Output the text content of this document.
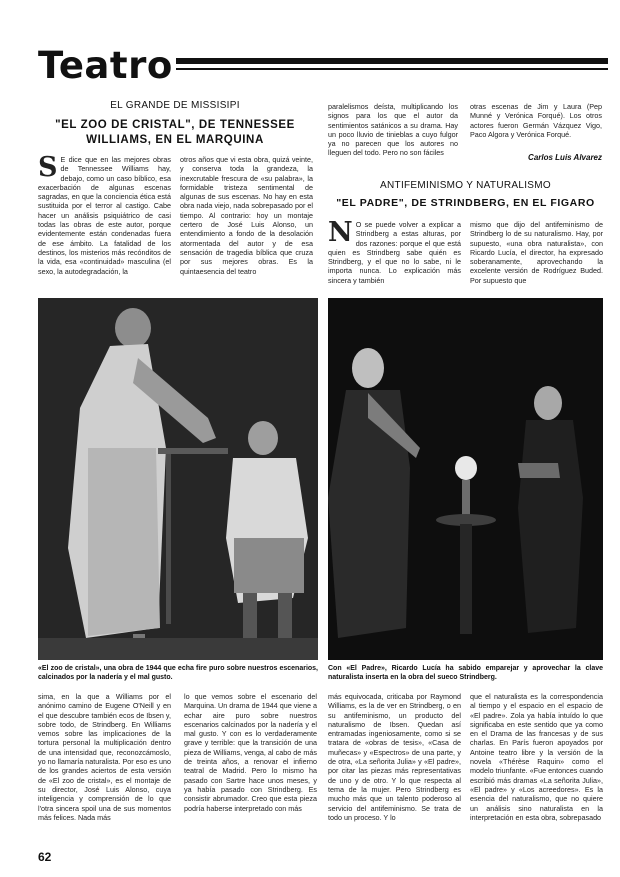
Teatro
EL GRANDE DE MISSISIPI
"EL ZOO DE CRISTAL", DE TENNESSEE WILLIAMS, EN EL MARQUINA
S E dice que en las mejores obras de Tennessee Williams hay, debajo, como un caso bíblico, esa exacerbación de algunas escenas sagradas, en que la conciencia ética está sustituida por el terror al castigo. Cabe hacer un análisis psiquiátrico de casi todas las obras de este autor, porque evidentemente están condenadas fuera de ese ámbito. La fatalidad de los destinos, los misterios más recónditos de la vida, esa «continuidad» masculina (el sexo, la autodegradación, la
otros años que vi esta obra, quizá veinte, y conserva toda la grandeza, la inexcrutable frescura de «su palabra», la formidable tristeza sentimental de algunas de sus escenas. No hay en esta obra nada viejo, nada sobrepasado por el tiempo. Al contrario: hoy un montaje certero de José Luis Alonso, un entendimiento a fondo de la desolación atormentada del autor y de esa sensación de tragedia bíblica que cruza por sus mejores obras. Es la quintaesencia del teatro
paralelismos deísta, multiplicando los signos para los que el autor da sentimientos satánicos a su drama. Hay un poco lluvio de tinieblas a cuyo fulgor ya no parecen que los autores no lleguen del todo. Pero no son fáciles
otras escenas de Jim y Laura (Pep Munné y Verónica Forqué). Los otros actores fueron Germán Vázquez Vigo, Paco Algora y Verónica Forqué.
Carlos Luis Alvarez
ANTIFEMINISMO Y NATURALISMO
"EL PADRE", DE STRINDBERG, EN EL FIGARO
N O se puede volver a explicar a Strindberg a estas alturas, por dos razones: porque el que está quien es Strindberg sabe quién es Strindberg, y el que no lo sabe, ni le importa nunca. Lo explicación más sincera y también
mismo que dijo del antifeminismo de Strindberg lo de su naturalismo. Hay, por supuesto, «una obra naturalista», con Ricardo Lucía, el director, ha expresado soberanamente, aprovechando la excelente versión de Rodríguez Buded. Por supuesto que
«El zoo de cristal», una obra de 1944 que echa fire puro sobre nuestros escenarios, calcinados por la nadería y el mal gusto.
Con «El Padre», Ricardo Lucía ha sabido emparejar y aprovechar la clave naturalista inserta en la obra del sueco Strindberg.
sima, en la que a Williams por el anónimo camino de Eugene O'Neill y en el que descubre también ecos de Ibsen y, sobre todo, de Strindberg. En Williams vemos sobre las implicaciones de la tortura personal la multiplicación dentro de una intensidad que, reconozcámoslo, yo no llamaría naturalista. Por eso es uno de los grandes aciertos de esta versión de «El zoo de cristal», es el montaje de su director, José Luis Alonso, cuya inteligencia y comprensión de lo que l'otra sincera spoil una de sus momentos más felices. Nada más
lo que vemos sobre el escenario del Marquina. Un drama de 1944 que viene a echar aire puro sobre nuestros escenarios calcinados por la nadería y el mal gusto. Y con es lo verdaderamente grave y terrible: que la transición de una pieza de Williams, venga, al cabo de más de treinta años, a renovar el infierno teatral de Madrid. Pero lo mismo ha pasado con Sartre hace unos meses, y ya había pasado con Strindberg. Es consistir abrumador. Creo que esta pieza podría haberse interpretado con más
más equivocada, criticaba por Raymond Williams, es la de ver en Strindberg, o en su antifeminismo, un producto del naturalismo de Ibsen. Quedan así entramadas ingeniosamente, como si se tratara de «obras de tesis», «Casa de muñecas» y «Espectros» de una parte, y de otra, «La señorita Julia» y «El padre», por citar las piezas más representativas de uno y de otro. Y lo que respecta al tema de la mujer. Pero Strindberg es mucho más que un talento poderoso al servicio del antifeminismo. Se trata de todo un proceso. Y lo
que el naturalista es la correspondencia al tiempo y el espacio en el espacio de «El padre». Zola ya había intuído lo que significaba en este sentido que ya como en el Drama de las francesas y de sus charlas. En París fueron apoyados por Antoine teatro libre y la versión de la novela «Thérèse Raquin» como el modelo triunfante. «Fue entonces cuando escribió más dramas «La señorita Julia», «El padre» y «Los acreedores». Es la esencia del naturalismo, que no quiere un análisis sino naturalista en la interpretación en esta obra, sobrepasado
62
